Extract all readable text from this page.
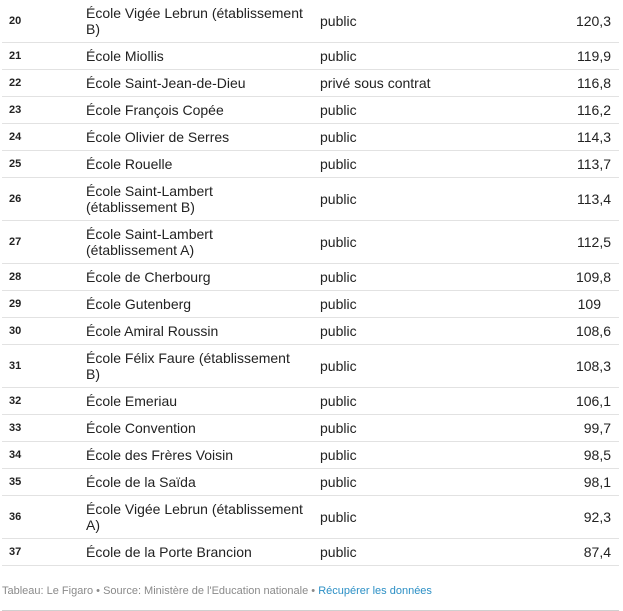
20	École Vigée Lebrun (établissement B)	public	120,3
21	École Miollis	public	119,9
22	École Saint-Jean-de-Dieu	privé sous contrat	116,8
23	École François Copée	public	116,2
24	École Olivier de Serres	public	114,3
25	École Rouelle	public	113,7
26	École Saint-Lambert (établissement B)	public	113,4
27	École Saint-Lambert (établissement A)	public	112,5
28	École de Cherbourg	public	109,8
29	École Gutenberg	public	109
30	École Amiral Roussin	public	108,6
31	École Félix Faure (établissement B)	public	108,3
32	École Emeriau	public	106,1
33	École Convention	public	99,7
34	École des Frères Voisin	public	98,5
35	École de la Saïda	public	98,1
36	École Vigée Lebrun (établissement A)	public	92,3
37	École de la Porte Brancion	public	87,4
Tableau: Le Figaro • Source: Ministère de l'Education nationale • Récupérer les données
